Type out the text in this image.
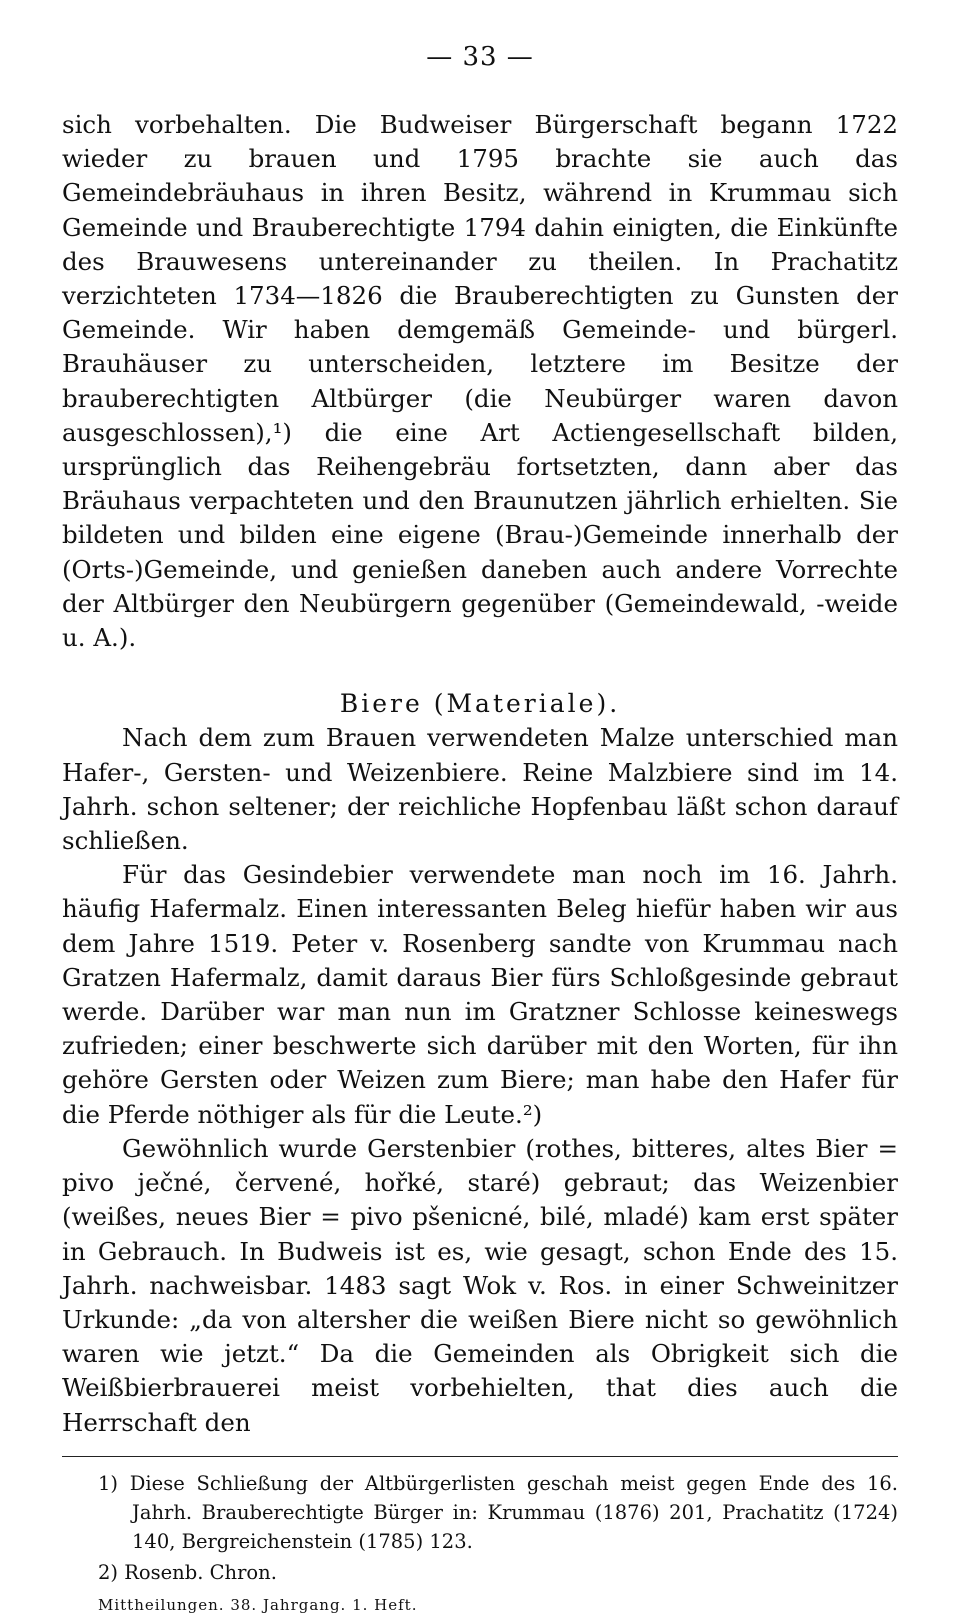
— 33 —

sich vorbehalten. Die Budweiser Bürgerschaft begann 1722 wieder zu brauen und 1795 brachte sie auch das Gemeindebräuhaus in ihren Besitz, während in Krummau sich Gemeinde und Brauberechtigte 1794 dahin einigten, die Einkünfte des Brauwesens untereinander zu theilen. In Prachatitz verzichteten 1734—1826 die Brauberechtigten zu Gunsten der Gemeinde. Wir haben demgemäß Gemeinde- und bürgerl. Brauhäuser zu unterscheiden, letztere im Besitze der brauberechtigten Altbürger (die Neubürger waren davon ausgeschlossen),¹) die eine Art Actiengesellschaft bilden, ursprünglich das Reihengebräu fortsetzten, dann aber das Bräuhaus verpachteten und den Braunutzen jährlich erhielten. Sie bildeten und bilden eine eigene (Brau-)Gemeinde innerhalb der (Orts-)Gemeinde, und genießen daneben auch andere Vorrechte der Altbürger den Neubürgern gegenüber (Gemeindewald, -weide u. A.).

Biere (Materiale).

Nach dem zum Brauen verwendeten Malze unterschied man Hafer-, Gersten- und Weizenbiere. Reine Malzbiere sind im 14. Jahrh. schon seltener; der reichliche Hopfenbau läßt schon darauf schließen.

Für das Gesindebier verwendete man noch im 16. Jahrh. häufig Hafermalz. Einen interessanten Beleg hiefür haben wir aus dem Jahre 1519. Peter v. Rosenberg sandte von Krummau nach Gratzen Hafermalz, damit daraus Bier fürs Schloßgesinde gebraut werde. Darüber war man nun im Gratzner Schlosse keineswegs zufrieden; einer beschwerte sich darüber mit den Worten, für ihn gehöre Gersten oder Weizen zum Biere; man habe den Hafer für die Pferde nöthiger als für die Leute.²)

Gewöhnlich wurde Gerstenbier (rothes, bitteres, altes Bier = pivo ječné, červené, hořké, staré) gebraut; das Weizenbier (weißes, neues Bier = pivo pšenicné, bilé, mladé) kam erst später in Gebrauch. In Budweis ist es, wie gesagt, schon Ende des 15. Jahrh. nachweisbar. 1483 sagt Wok v. Ros. in einer Schweinitzer Urkunde: „da von altersher die weißen Biere nicht so gewöhnlich waren wie jetzt.“ Da die Gemeinden als Obrigkeit sich die Weißbierbrauerei meist vorbehielten, that dies auch die Herrschaft den

1) Diese Schließung der Altbürgerlisten geschah meist gegen Ende des 16. Jahrh. Brauberechtigte Bürger in: Krummau (1876) 201, Prachatitz (1724) 140, Bergreichenstein (1785) 123.

2) Rosenb. Chron.

Mittheilungen. 38. Jahrgang. 1. Heft.
